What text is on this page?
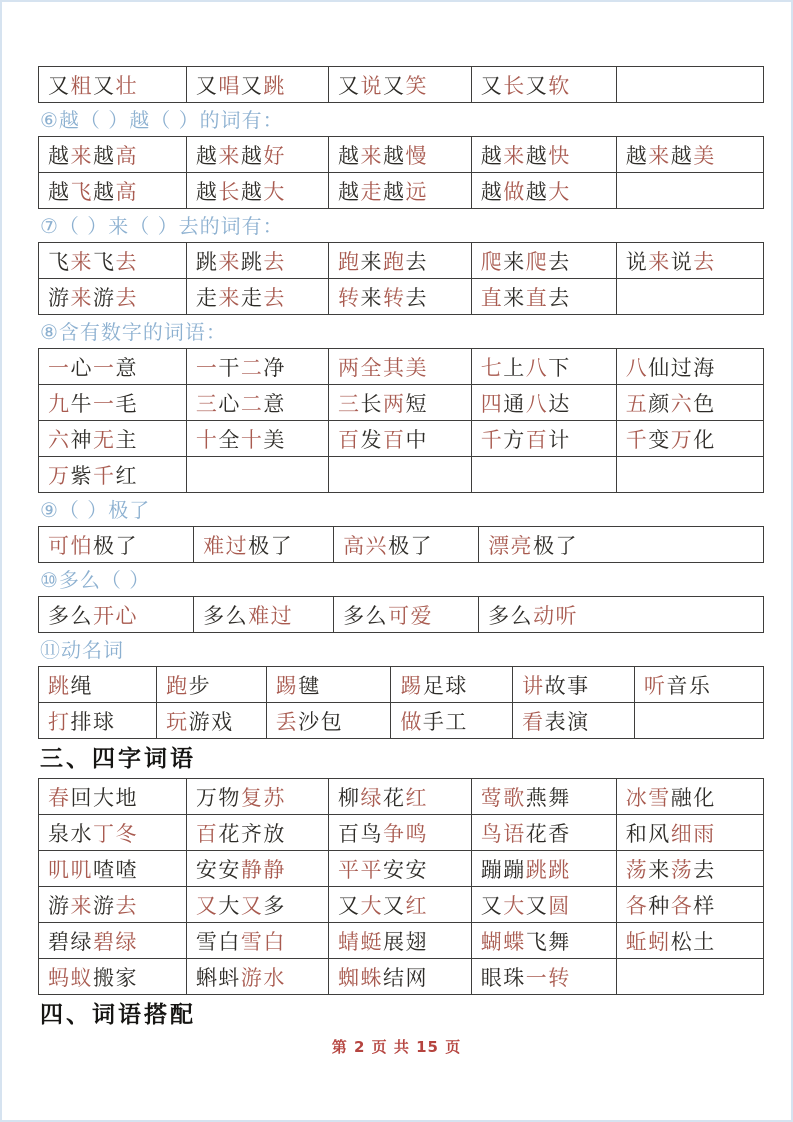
又粗又壮	又唱又跳	又说又笑	又长又软	
⑥越（ ）越（ ）的词有：
越来越高	越来越好	越来越慢	越来越快	越来越美
越飞越高	越长越大	越走越远	越做越大	
⑦（ ）来（ ）去的词有：
飞来飞去	跳来跳去	跑来跑去	爬来爬去	说来说去
游来游去	走来走去	转来转去	直来直去	
⑧含有数字的词语：
一心一意	一干二净	两全其美	七上八下	八仙过海
九牛一毛	三心二意	三长两短	四通八达	五颜六色
六神无主	十全十美	百发百中	千方百计	千变万化
万紫千红				
⑨（ ）极了
可怕极了	难过极了	高兴极了	漂亮极了
⑩多么（ ）
多么开心	多么难过	多么可爱	多么动听
⑪动名词
跳绳	跑步	踢毽	踢足球	讲故事	听音乐
打排球	玩游戏	丢沙包	做手工	看表演	
三、四字词语
春回大地	万物复苏	柳绿花红	莺歌燕舞	冰雪融化
泉水丁冬	百花齐放	百鸟争鸣	鸟语花香	和风细雨
叽叽喳喳	安安静静	平平安安	蹦蹦跳跳	荡来荡去
游来游去	又大又多	又大又红	又大又圆	各种各样
碧绿碧绿	雪白雪白	蜻蜓展翅	蝴蝶飞舞	蚯蚓松土
蚂蚁搬家	蝌蚪游水	蜘蛛结网	眼珠一转	
四、词语搭配
第 2 页 共 15 页
